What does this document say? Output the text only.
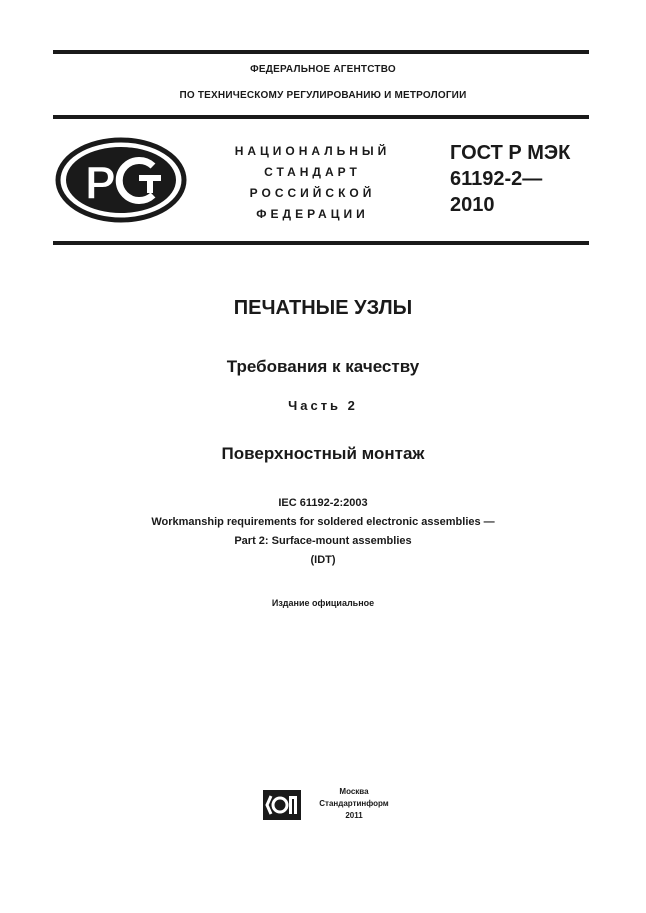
ФЕДЕРАЛЬНОЕ АГЕНТСТВО
ПО ТЕХНИЧЕСКОМУ РЕГУЛИРОВАНИЮ И МЕТРОЛОГИИ
Р
НАЦИОНАЛЬНЫЙ
СТАНДАРТ
РОССИЙСКОЙ
ФЕДЕРАЦИИ
ГОСТ Р МЭК
61192-2—
2010
ПЕЧАТНЫЕ УЗЛЫ
Требования к качеству
Часть 2
Поверхностный монтаж
IEC 61192-2:2003
Workmanship requirements for soldered electronic assemblies —
Part 2: Surface-mount assemblies
(IDT)
Издание официальное
Москва
Стандартинформ
2011
